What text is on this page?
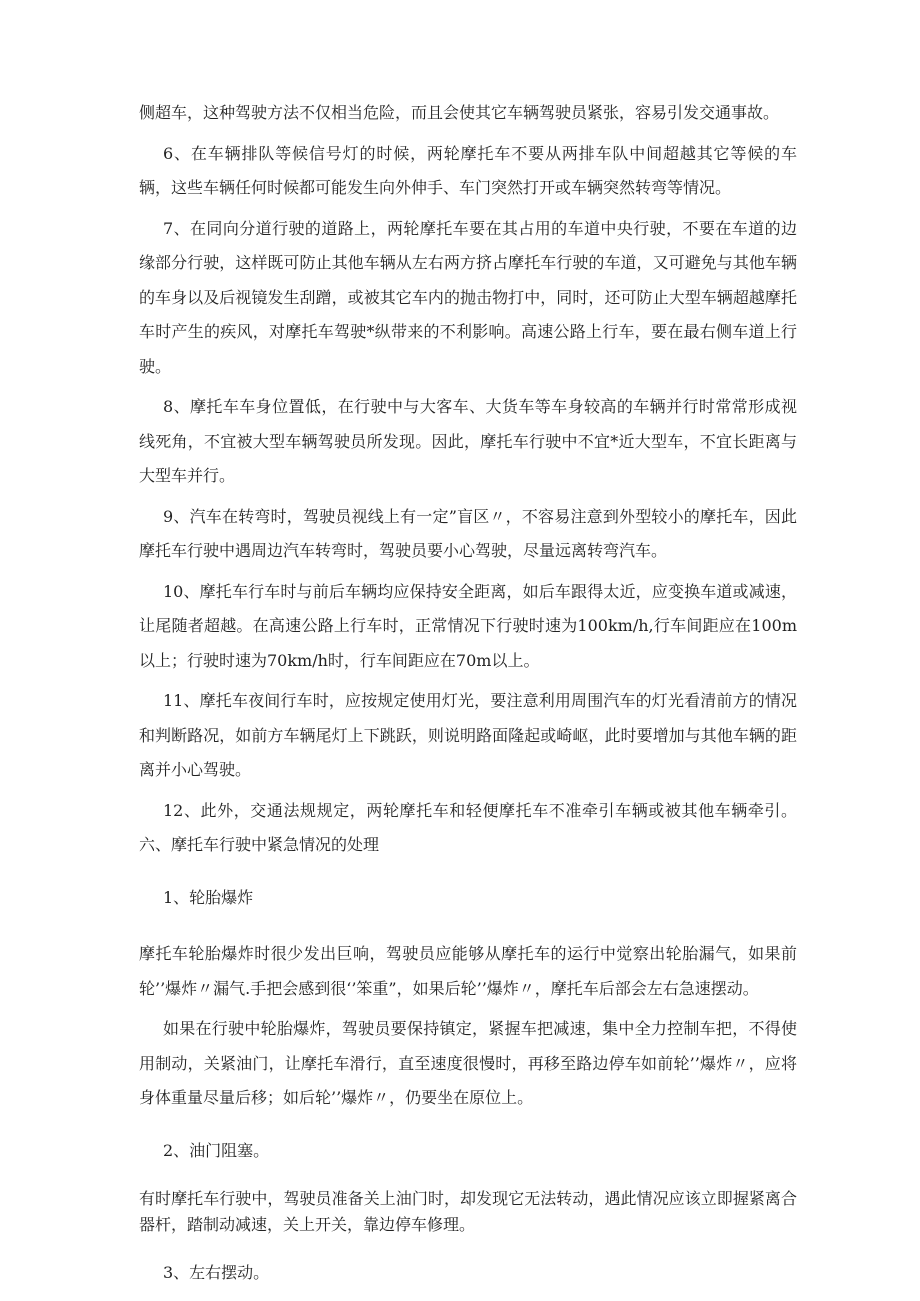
侧超车，这种驾驶方法不仅相当危险，而且会使其它车辆驾驶员紧张，容易引发交通事故。

6、在车辆排队等候信号灯的时候，两轮摩托车不要从两排车队中间超越其它等候的车辆，这些车辆任何时候都可能发生向外伸手、车门突然打开或车辆突然转弯等情况。

7、在同向分道行驶的道路上，两轮摩托车要在其占用的车道中央行驶，不要在车道的边缘部分行驶，这样既可防止其他车辆从左右两方挤占摩托车行驶的车道，又可避免与其他车辆的车身以及后视镜发生刮蹭，或被其它车内的抛击物打中，同时，还可防止大型车辆超越摩托车时产生的疾风，对摩托车驾驶*纵带来的不利影响。高速公路上行车，要在最右侧车道上行驶。

8、摩托车车身位置低，在行驶中与大客车、大货车等车身较高的车辆并行时常常形成视线死角，不宜被大型车辆驾驶员所发现。因此，摩托车行驶中不宜*近大型车，不宜长距离与大型车并行。

9、汽车在转弯时，驾驶员视线上有一定”盲区〃，不容易注意到外型较小的摩托车，因此摩托车行驶中遇周边汽车转弯时，驾驶员要小心驾驶，尽量远离转弯汽车。

10、摩托车行车时与前后车辆均应保持安全距离，如后车跟得太近，应变换车道或减速，让尾随者超越。在高速公路上行车时，正常情况下行驶时速为100km∕h,行车间距应在100m以上；行驶时速为70km∕h时，行车间距应在70m以上。

11、摩托车夜间行车时，应按规定使用灯光，要注意利用周围汽车的灯光看清前方的情况和判断路况，如前方车辆尾灯上下跳跃，则说明路面隆起或崎岖，此时要增加与其他车辆的距离并小心驾驶。

12、此外，交通法规规定，两轮摩托车和轻便摩托车不准牵引车辆或被其他车辆牵引。六、摩托车行驶中紧急情况的处理

1、轮胎爆炸

摩托车轮胎爆炸时很少发出巨响，驾驶员应能够从摩托车的运行中觉察出轮胎漏气，如果前轮’’爆炸〃漏气.手把会感到很‘’笨重”，如果后轮’’爆炸〃，摩托车后部会左右急速摆动。

如果在行驶中轮胎爆炸，驾驶员要保持镇定，紧握车把减速，集中全力控制车把，不得使用制动，关紧油门，让摩托车滑行，直至速度很慢时，再移至路边停车如前轮’’爆炸〃，应将身体重量尽量后移；如后轮’’爆炸〃，仍要坐在原位上。

2、油门阻塞。

有时摩托车行驶中，驾驶员准备关上油门时，却发现它无法转动，遇此情况应该立即握紧离合器杆，踏制动减速，关上开关，靠边停车修理。

3、左右摆动。
